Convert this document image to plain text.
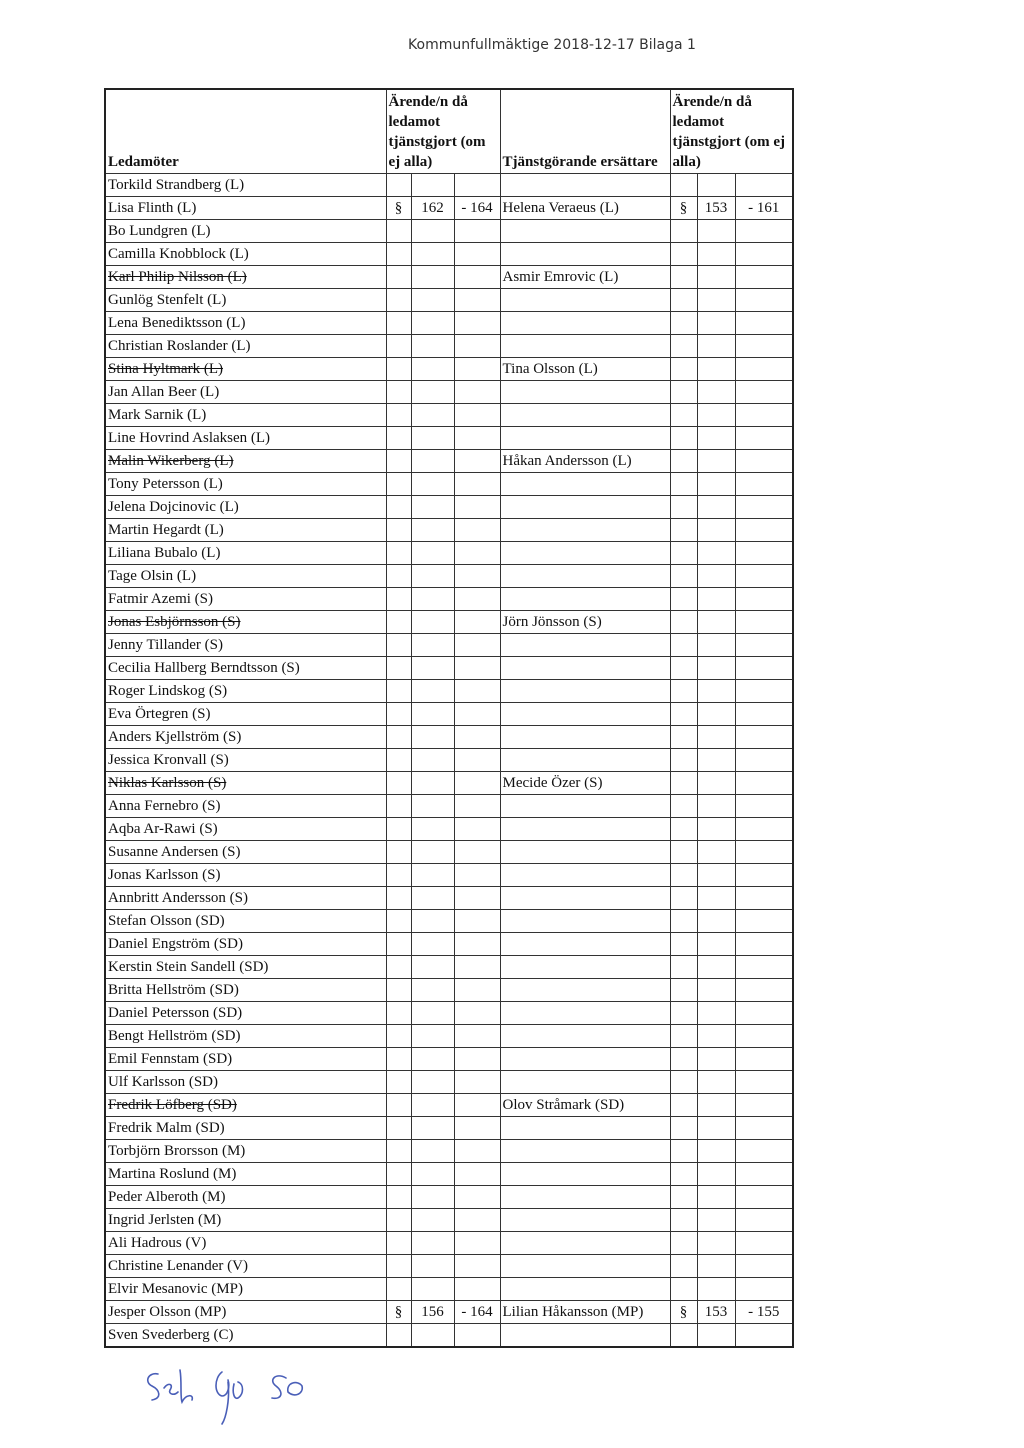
Kommunfullmäktige 2018-12-17 Bilaga 1
Ledamöter	Ärende/n då ledamot tjänstgjort (om ej alla)			Tjänstgörande ersättare	Ärende/n då ledamot tjänstgjort (om ej alla)		
Torkild Strandberg (L)							
Lisa Flinth (L)	§	162	- 164	Helena Veraeus (L)	§	153	- 161
Bo Lundgren (L)							
Camilla Knobblock (L)							
Karl Philip Nilsson (L)				Asmir Emrovic (L)			
Gunlög Stenfelt (L)							
Lena Benediktsson (L)							
Christian Roslander (L)							
Stina Hyltmark (L)				Tina Olsson (L)			
Jan Allan Beer (L)							
Mark Sarnik (L)							
Line Hovrind Aslaksen (L)							
Malin Wikerberg (L)				Håkan Andersson (L)			
Tony Petersson (L)							
Jelena Dojcinovic (L)							
Martin Hegardt (L)							
Liliana Bubalo (L)							
Tage Olsin (L)							
Fatmir Azemi (S)							
Jonas Esbjörnsson (S)				Jörn Jönsson (S)			
Jenny Tillander (S)							
Cecilia Hallberg Berndtsson (S)							
Roger Lindskog (S)							
Eva Örtegren (S)							
Anders Kjellström (S)							
Jessica Kronvall (S)							
Niklas Karlsson (S)				Mecide Özer (S)			
Anna Fernebro (S)							
Aqba Ar-Rawi (S)							
Susanne Andersen (S)							
Jonas Karlsson (S)							
Annbritt Andersson (S)							
Stefan Olsson (SD)							
Daniel Engström (SD)							
Kerstin Stein Sandell (SD)							
Britta Hellström (SD)							
Daniel Petersson (SD)							
Bengt Hellström (SD)							
Emil Fennstam (SD)							
Ulf Karlsson (SD)							
Fredrik Löfberg (SD)				Olov Stråmark (SD)			
Fredrik Malm (SD)							
Torbjörn Brorsson (M)							
Martina Roslund (M)							
Peder Alberoth (M)							
Ingrid Jerlsten (M)							
Ali Hadrous (V)							
Christine Lenander (V)							
Elvir Mesanovic (MP)							
Jesper Olsson (MP)	§	156	- 164	Lilian Håkansson (MP)	§	153	- 155
Sven Svederberg (C)							
